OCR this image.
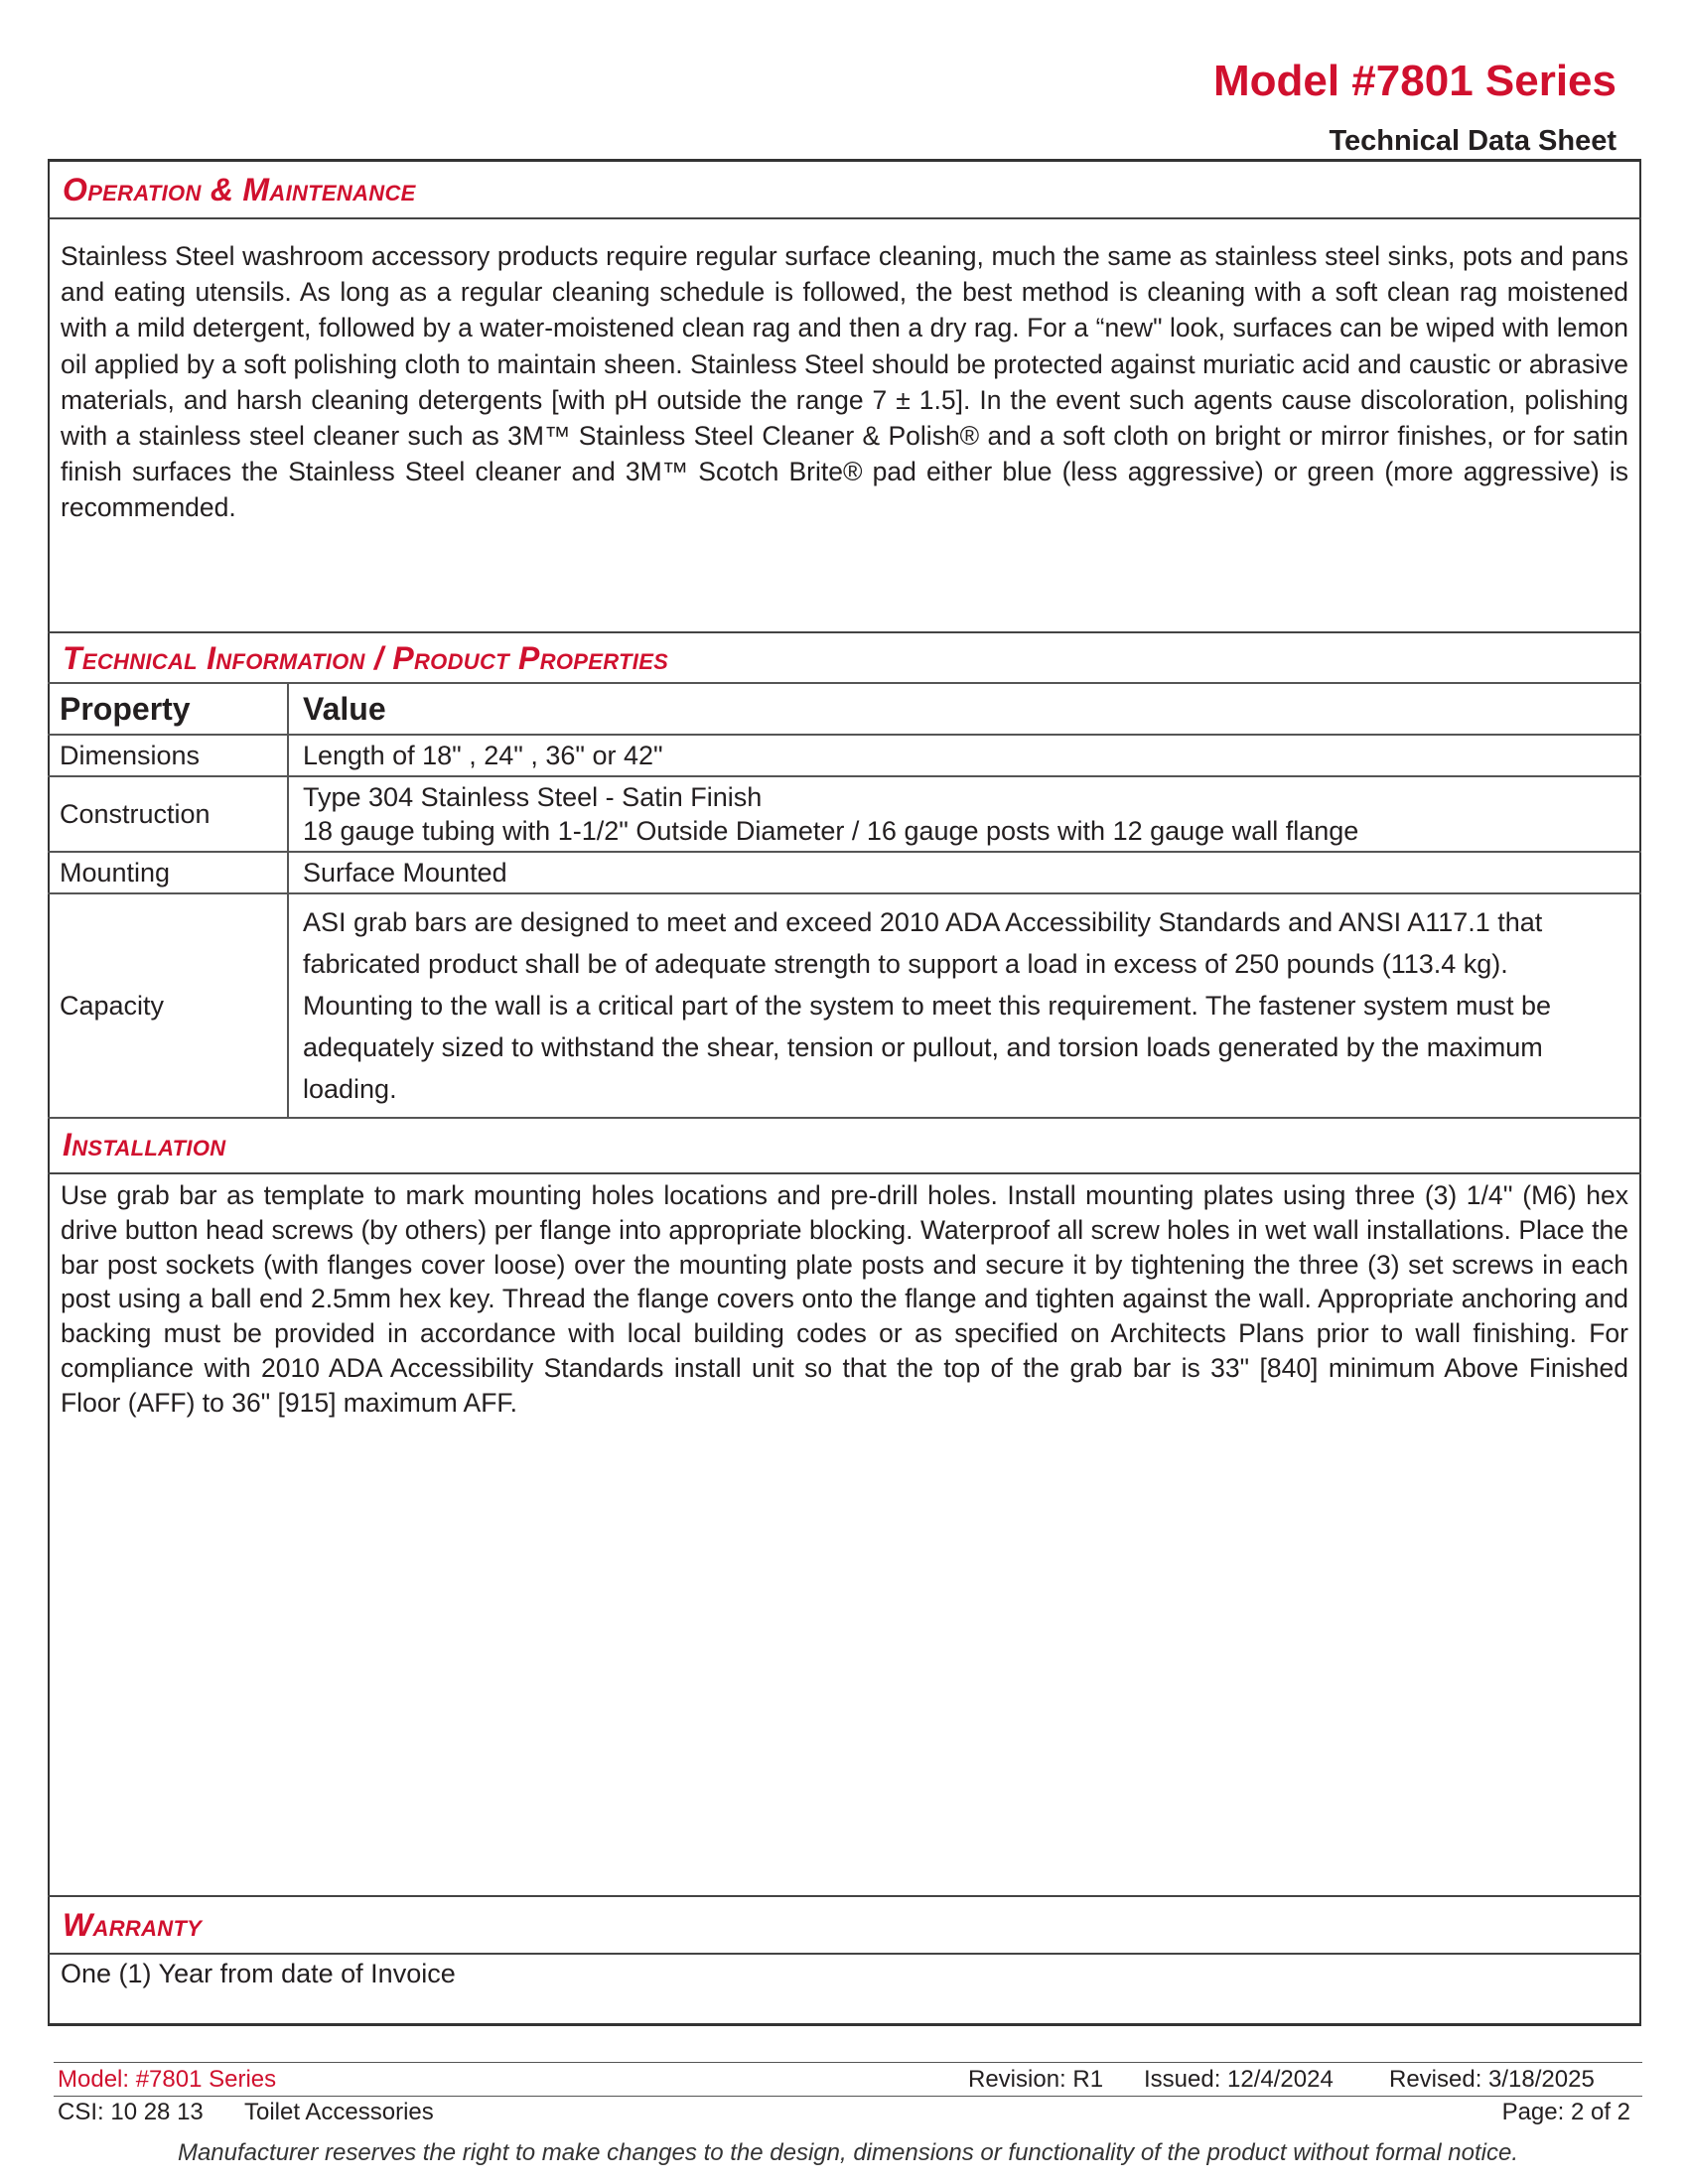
Model #7801 Series
Technical Data Sheet
Operation & Maintenance

Stainless Steel washroom accessory products require regular surface cleaning, much the same as stainless steel sinks, pots and pans and eating utensils. As long as a regular cleaning schedule is followed, the best method is cleaning with a soft clean rag moistened with a mild detergent, followed by a water-moistened clean rag and then a dry rag. For a “new" look, surfaces can be wiped with lemon oil applied by a soft polishing cloth to maintain sheen. Stainless Steel should be protected against muriatic acid and caustic or abrasive materials, and harsh cleaning detergents [with pH outside the range 7 ± 1.5]. In the event such agents cause discoloration, polishing with a stainless steel cleaner such as 3M™ Stainless Steel Cleaner & Polish® and a soft cloth on bright or mirror finishes, or for satin finish surfaces the Stainless Steel cleaner and 3M™ Scotch Brite® pad either blue (less aggressive) or green (more aggressive) is recommended.

Technical Information / Product Properties
Property	Value
Dimensions	Length of 18" , 24" , 36" or 42"
Construction	Type 304 Stainless Steel - Satin Finish
18 gauge tubing with 1-1/2" Outside Diameter / 16 gauge posts with 12 gauge wall flange

Mounting	Surface Mounted
Capacity	ASI grab bars are designed to meet and exceed 2010 ADA Accessibility Standards and ANSI A117.1 that fabricated product shall be of adequate strength to support a load in excess of 250 pounds (113.4 kg). Mounting to the wall is a critical part of the system to meet this requirement. The fastener system must be adequately sized to withstand the shear, tension or pullout, and torsion loads generated by the maximum loading.
Installation

Use grab bar as template to mark mounting holes locations and pre-drill holes. Install mounting plates using three (3) 1/4'' (M6) hex drive button head screws (by others) per flange into appropriate blocking. Waterproof all screw holes in wet wall installations. Place the bar post sockets (with flanges cover loose) over the mounting plate posts and secure it by tightening the three (3) set screws in each post using a ball end 2.5mm hex key. Thread the flange covers onto the flange and tighten against the wall. Appropriate anchoring and backing must be provided in accordance with local building codes or as specified on Architects Plans prior to wall finishing. For compliance with 2010 ADA Accessibility Standards install unit so that the top of the grab bar is 33" [840] minimum Above Finished Floor (AFF) to 36" [915] maximum AFF.

Warranty
One (1) Year from date of Invoice
Model: #7801 Series	Revision: R1 Issued: 12/4/2024 Revised: 3/18/2025
CSI: 10 28 13 Toilet Accessories	Page: 2 of 2
Manufacturer reserves the right to make changes to the design, dimensions or functionality of the product without formal notice.
